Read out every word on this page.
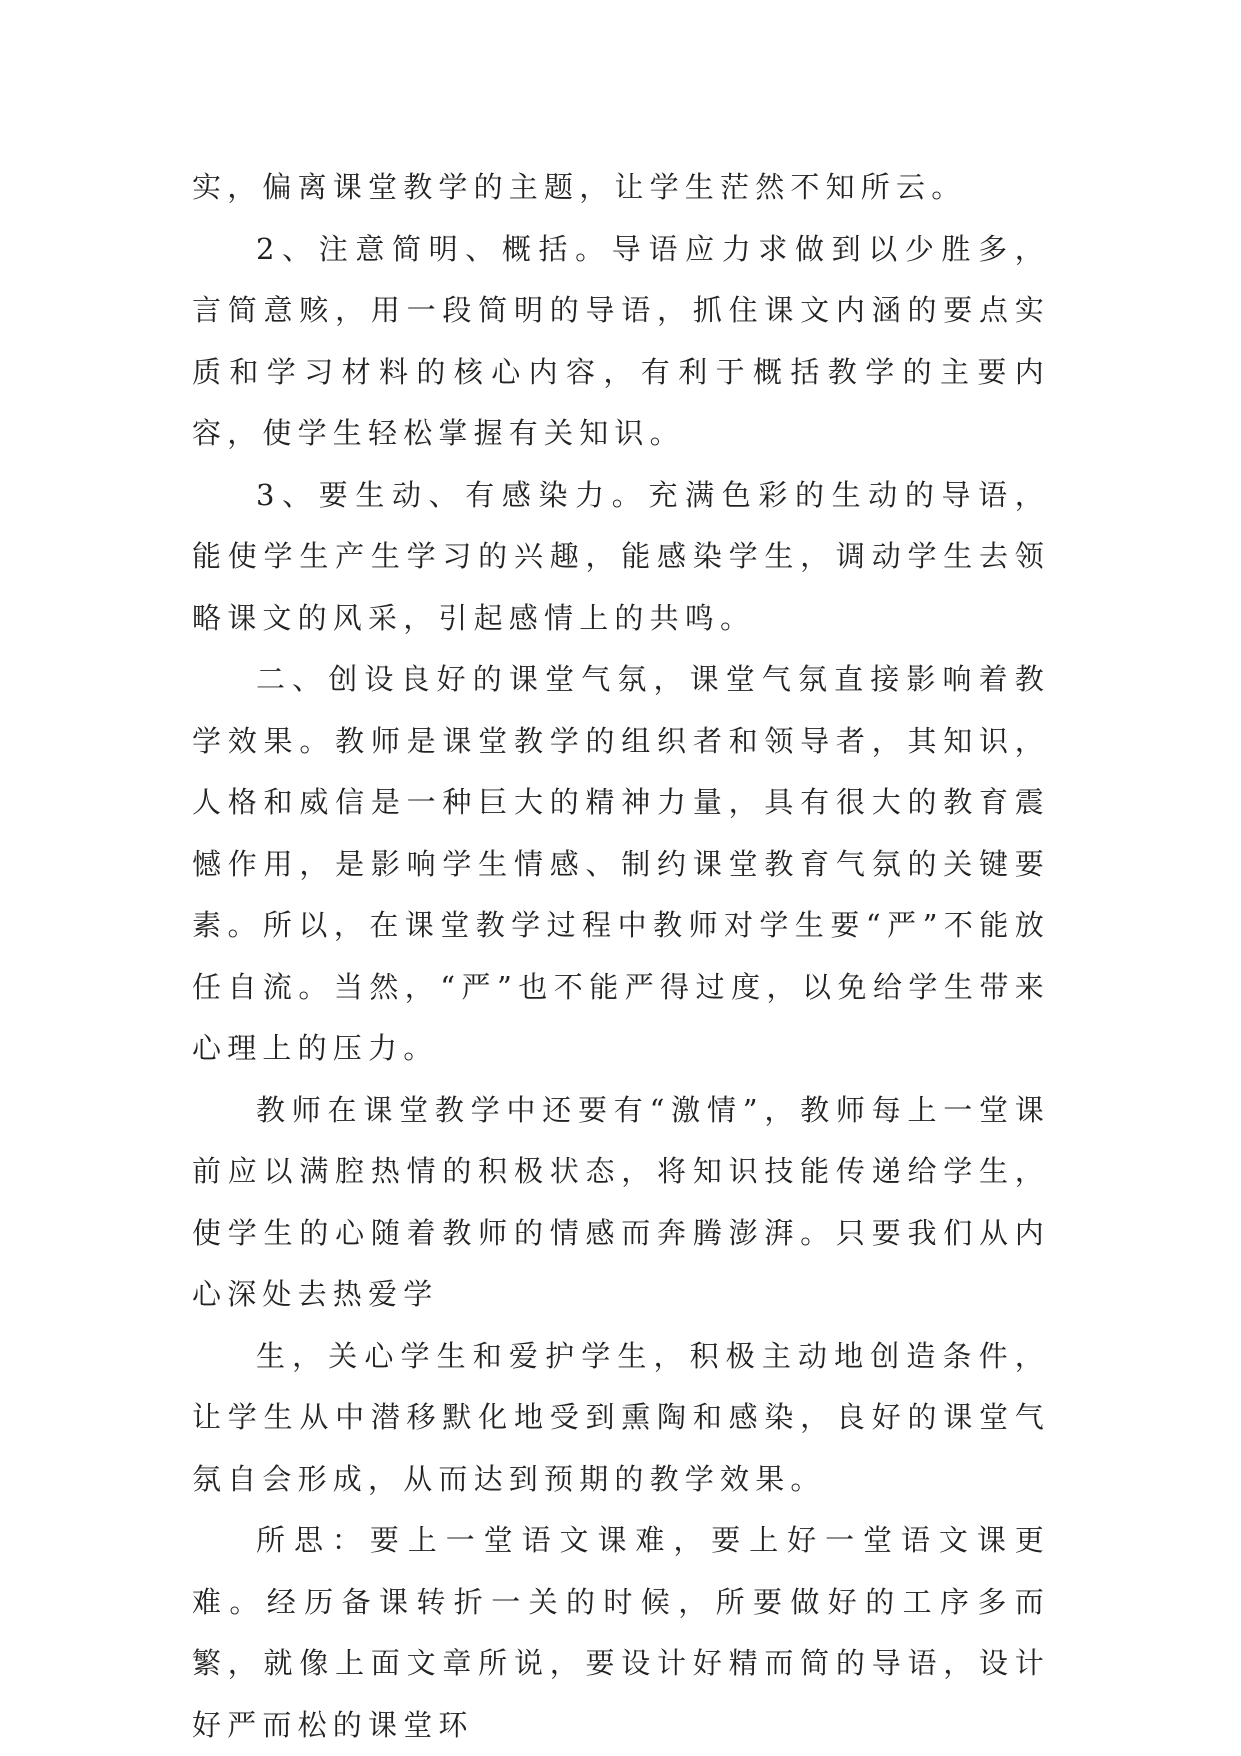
实，偏离课堂教学的主题，让学生茫然不知所云。

2、注意简明、概括。导语应力求做到以少胜多，言简意赅，用一段简明的导语，抓住课文内涵的要点实质和学习材料的核心内容，有利于概括教学的主要内容，使学生轻松掌握有关知识。

3、要生动、有感染力。充满色彩的生动的导语，能使学生产生学习的兴趣，能感染学生，调动学生去领略课文的风采，引起感情上的共鸣。

二、创设良好的课堂气氛，课堂气氛直接影响着教学效果。教师是课堂教学的组织者和领导者，其知识，人格和威信是一种巨大的精神力量，具有很大的教育震憾作用，是影响学生情感、制约课堂教育气氛的关键要素。所以，在课堂教学过程中教师对学生要“严”不能放任自流。当然，“严”也不能严得过度，以免给学生带来心理上的压力。

教师在课堂教学中还要有“激情”，教师每上一堂课前应以满腔热情的积极状态，将知识技能传递给学生，使学生的心随着教师的情感而奔腾澎湃。只要我们从内心深处去热爱学

生，关心学生和爱护学生，积极主动地创造条件，让学生从中潜移默化地受到熏陶和感染，良好的课堂气氛自会形成，从而达到预期的教学效果。

所思：要上一堂语文课难，要上好一堂语文课更难。经历备课转折一关的时候，所要做好的工序多而繁，就像上面文章所说，要设计好精而简的导语，设计好严而松的课堂环
